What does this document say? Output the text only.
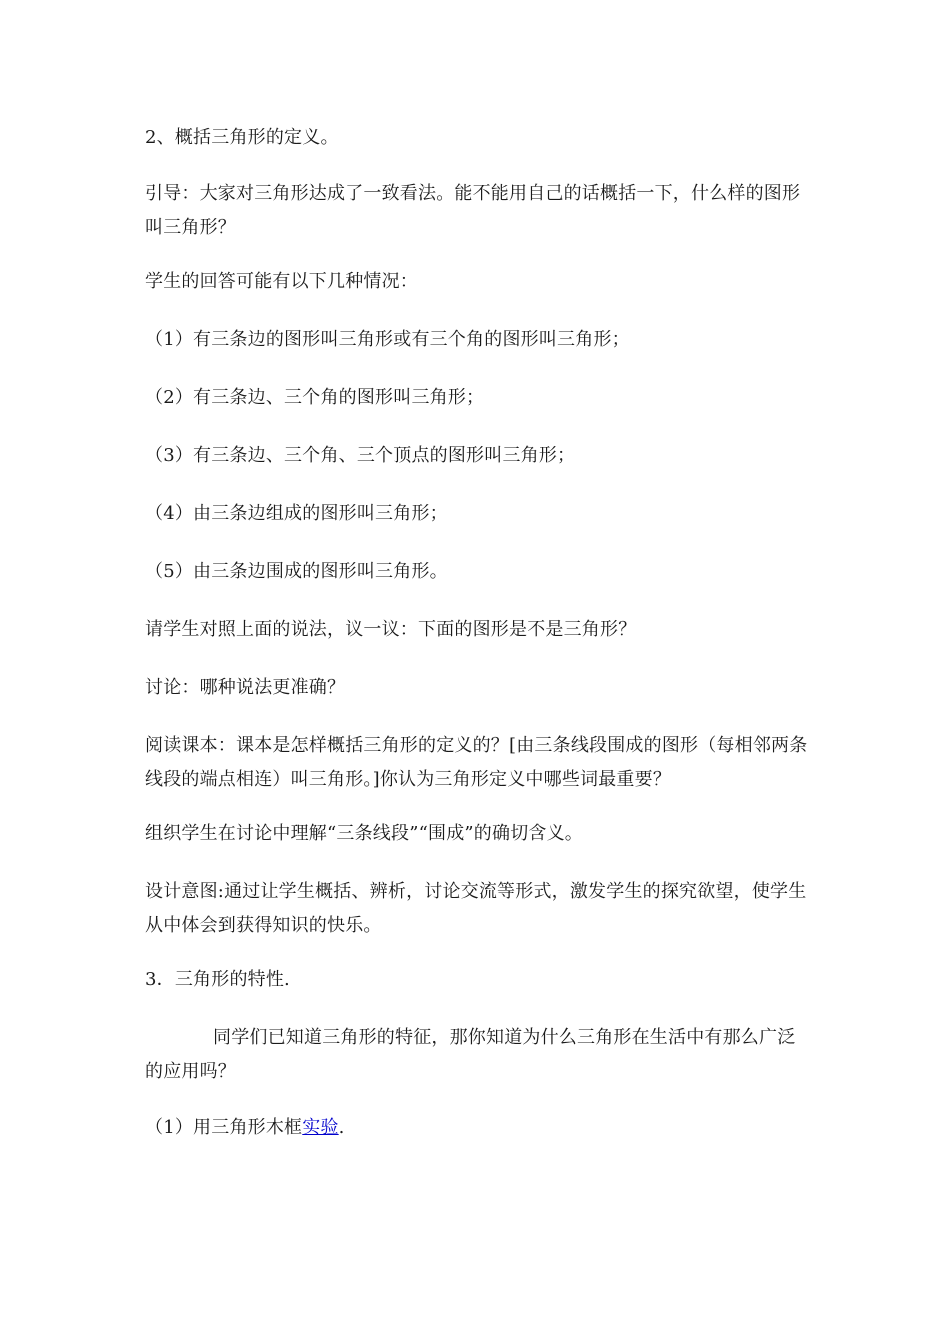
2、概括三角形的定义。

引导：大家对三角形达成了一致看法。能不能用自己的话概括一下，什么样的图形叫三角形？

学生的回答可能有以下几种情况：

（1）有三条边的图形叫三角形或有三个角的图形叫三角形；

（2）有三条边、三个角的图形叫三角形；

（3）有三条边、三个角、三个顶点的图形叫三角形；

（4）由三条边组成的图形叫三角形；

（5）由三条边围成的图形叫三角形。

请学生对照上面的说法，议一议：下面的图形是不是三角形？

讨论：哪种说法更准确？

阅读课本：课本是怎样概括三角形的定义的？[由三条线段围成的图形（每相邻两条线段的端点相连）叫三角形。]你认为三角形定义中哪些词最重要？

组织学生在讨论中理解“三条线段”“围成”的确切含义。

设计意图:通过让学生概括、辨析，讨论交流等形式，激发学生的探究欲望，使学生从中体会到获得知识的快乐。

3．三角形的特性.

同学们已知道三角形的特征，那你知道为什么三角形在生活中有那么广泛的应用吗？

（1）用三角形木框实验.
